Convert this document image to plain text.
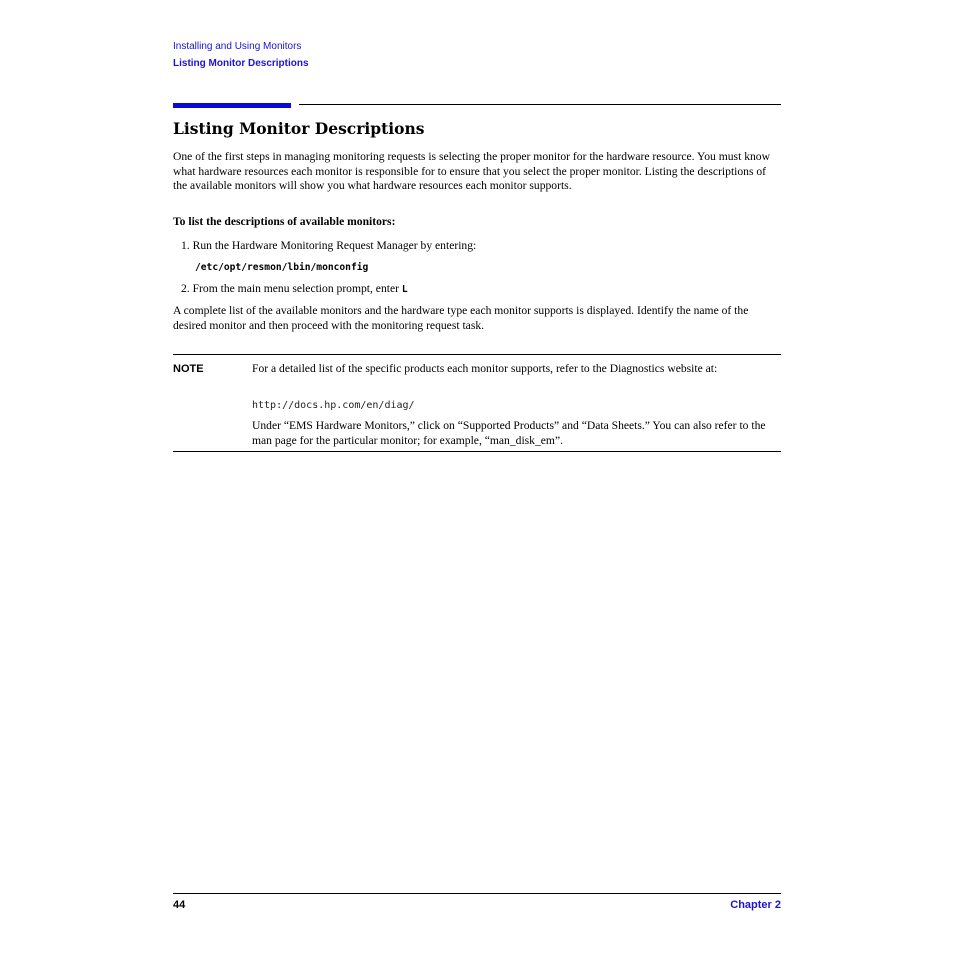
Installing and Using Monitors
Listing Monitor Descriptions
Listing Monitor Descriptions

One of the first steps in managing monitoring requests is selecting the proper monitor for the hardware resource. You must know what hardware resources each monitor is responsible for to ensure that you select the proper monitor. Listing the descriptions of the available monitors will show you what hardware resources each monitor supports.

To list the descriptions of available monitors:

1. Run the Hardware Monitoring Request Manager by entering:

/etc/opt/resmon/lbin/monconfig

2. From the main menu selection prompt, enter L

A complete list of the available monitors and the hardware type each monitor supports is displayed. Identify the name of the desired monitor and then proceed with the monitoring request task.

NOTE	For a detailed list of the specific products each monitor supports, refer to the Diagnostics website at:

http://docs.hp.com/en/diag/

Under “EMS Hardware Monitors,” click on “Supported Products” and “Data Sheets.” You can also refer to the man page for the particular monitor; for example, “man_disk_em”.

44	Chapter 2
